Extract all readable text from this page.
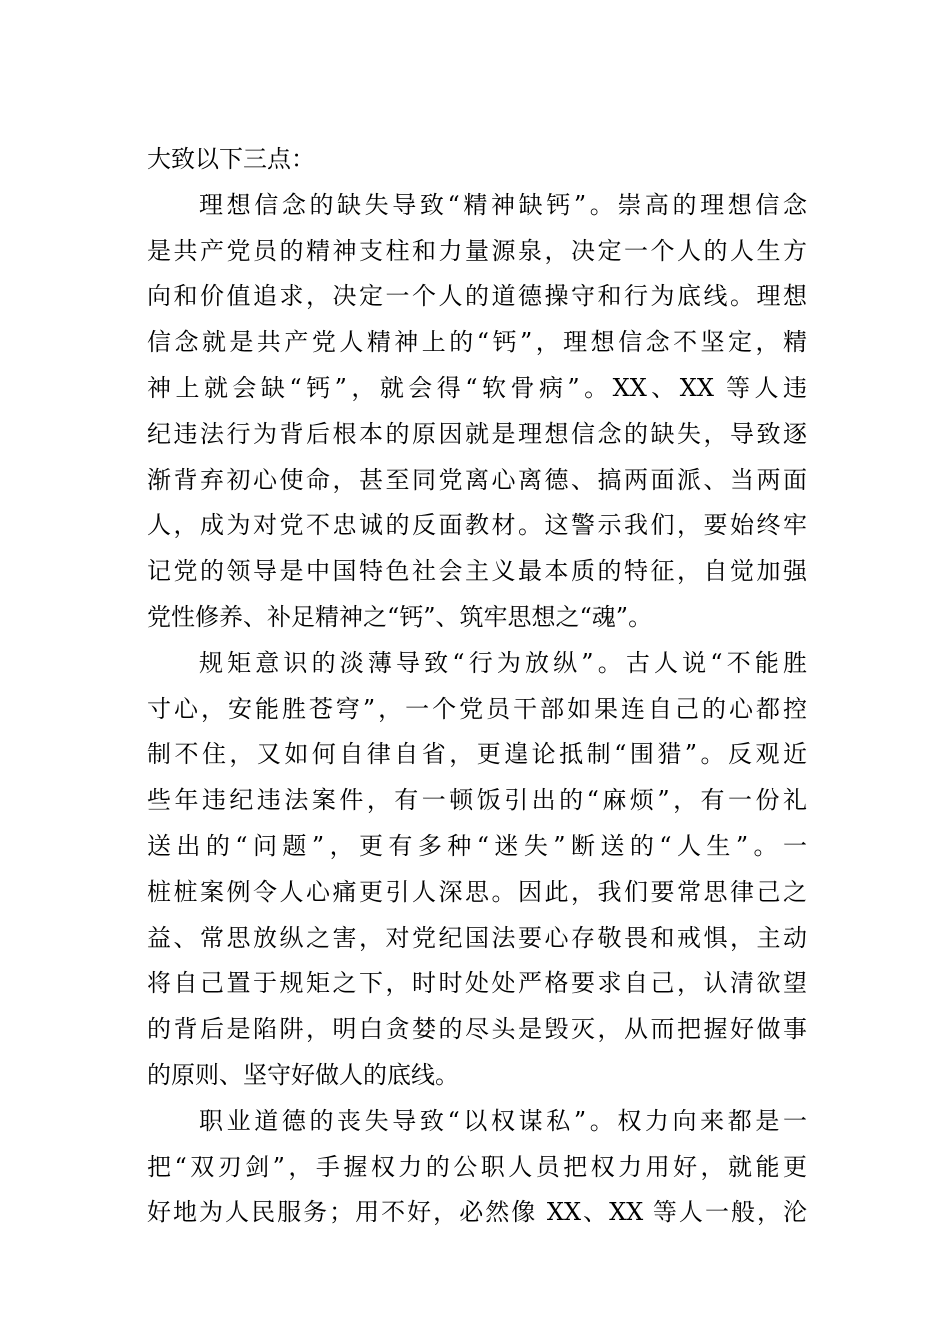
大致以下三点：
理想信念的缺失导致“精神缺钙”。崇高的理想信念
是共产党员的精神支柱和力量源泉，决定一个人的人生方
向和价值追求，决定一个人的道德操守和行为底线。理想
信念就是共产党人精神上的“钙”，理想信念不坚定，精
神上就会缺“钙”，就会得“软骨病”。XX、XX 等人违
纪违法行为背后根本的原因就是理想信念的缺失，导致逐
渐背弃初心使命，甚至同党离心离德、搞两面派、当两面
人，成为对党不忠诚的反面教材。这警示我们，要始终牢
记党的领导是中国特色社会主义最本质的特征，自觉加强
党性修养、补足精神之“钙”、筑牢思想之“魂”。
规矩意识的淡薄导致“行为放纵”。古人说“不能胜
寸心，安能胜苍穹”，一个党员干部如果连自己的心都控
制不住，又如何自律自省，更遑论抵制“围猎”。反观近
些年违纪违法案件，有一顿饭引出的“麻烦”，有一份礼
送出的“问题”，更有多种“迷失”断送的“人生”。一
桩桩案例令人心痛更引人深思。因此，我们要常思律己之
益、常思放纵之害，对党纪国法要心存敬畏和戒惧，主动
将自己置于规矩之下，时时处处严格要求自己，认清欲望
的背后是陷阱，明白贪婪的尽头是毁灭，从而把握好做事
的原则、坚守好做人的底线。
职业道德的丧失导致“以权谋私”。权力向来都是一
把“双刃剑”，手握权力的公职人员把权力用好，就能更
好地为人民服务；用不好，必然像 XX、XX 等人一般，沦
